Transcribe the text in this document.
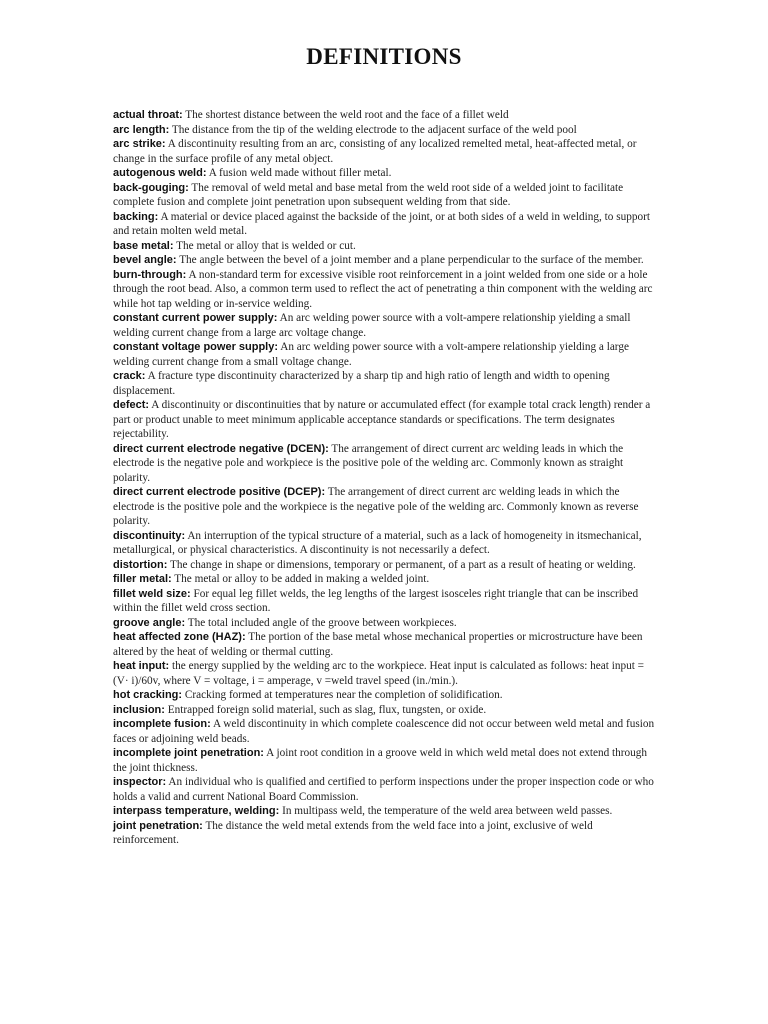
DEFINITIONS
actual throat: The shortest distance between the weld root and the face of a fillet weld
arc length: The distance from the tip of the welding electrode to the adjacent surface of the weld pool
arc strike: A discontinuity resulting from an arc, consisting of any localized remelted metal, heat-affected metal, or change in the surface profile of any metal object.
autogenous weld: A fusion weld made without filler metal.
back-gouging: The removal of weld metal and base metal from the weld root side of a welded joint to facilitate complete fusion and complete joint penetration upon subsequent welding from that side.
backing: A material or device placed against the backside of the joint, or at both sides of a weld in welding, to support and retain molten weld metal.
base metal: The metal or alloy that is welded or cut.
bevel angle: The angle between the bevel of a joint member and a plane perpendicular to the surface of the member.
burn-through: A non-standard term for excessive visible root reinforcement in a joint welded from one side or a hole through the root bead. Also, a common term used to reflect the act of penetrating a thin component with the welding arc while hot tap welding or in-service welding.
constant current power supply: An arc welding power source with a volt-ampere relationship yielding a small welding current change from a large arc voltage change.
constant voltage power supply: An arc welding power source with a volt-ampere relationship yielding a large welding current change from a small voltage change.
crack: A fracture type discontinuity characterized by a sharp tip and high ratio of length and width to opening displacement.
defect: A discontinuity or discontinuities that by nature or accumulated effect (for example total crack length) render a part or product unable to meet minimum applicable acceptance standards or specifications. The term designates rejectability.
direct current electrode negative (DCEN): The arrangement of direct current arc welding leads in which the electrode is the negative pole and workpiece is the positive pole of the welding arc. Commonly known as straight polarity.
direct current electrode positive (DCEP): The arrangement of direct current arc welding leads in which the electrode is the positive pole and the workpiece is the negative pole of the welding arc. Commonly known as reverse polarity.
discontinuity: An interruption of the typical structure of a material, such as a lack of homogeneity in itsmechanical, metallurgical, or physical characteristics. A discontinuity is not necessarily a defect.
distortion: The change in shape or dimensions, temporary or permanent, of a part as a result of heating or welding.
filler metal: The metal or alloy to be added in making a welded joint.
fillet weld size: For equal leg fillet welds, the leg lengths of the largest isosceles right triangle that can be inscribed within the fillet weld cross section.
groove angle: The total included angle of the groove between workpieces.
heat affected zone (HAZ): The portion of the base metal whose mechanical properties or microstructure have been altered by the heat of welding or thermal cutting.
heat input: the energy supplied by the welding arc to the workpiece. Heat input is calculated as follows: heat input = (V· i)/60v, where V = voltage, i = amperage, v =weld travel speed (in./min.).
hot cracking: Cracking formed at temperatures near the completion of solidification.
inclusion: Entrapped foreign solid material, such as slag, flux, tungsten, or oxide.
incomplete fusion: A weld discontinuity in which complete coalescence did not occur between weld metal and fusion faces or adjoining weld beads.
incomplete joint penetration: A joint root condition in a groove weld in which weld metal does not extend through the joint thickness.
inspector: An individual who is qualified and certified to perform inspections under the proper inspection code or who holds a valid and current National Board Commission.
interpass temperature, welding: In multipass weld, the temperature of the weld area between weld passes.
joint penetration: The distance the weld metal extends from the weld face into a joint, exclusive of weld reinforcement.
